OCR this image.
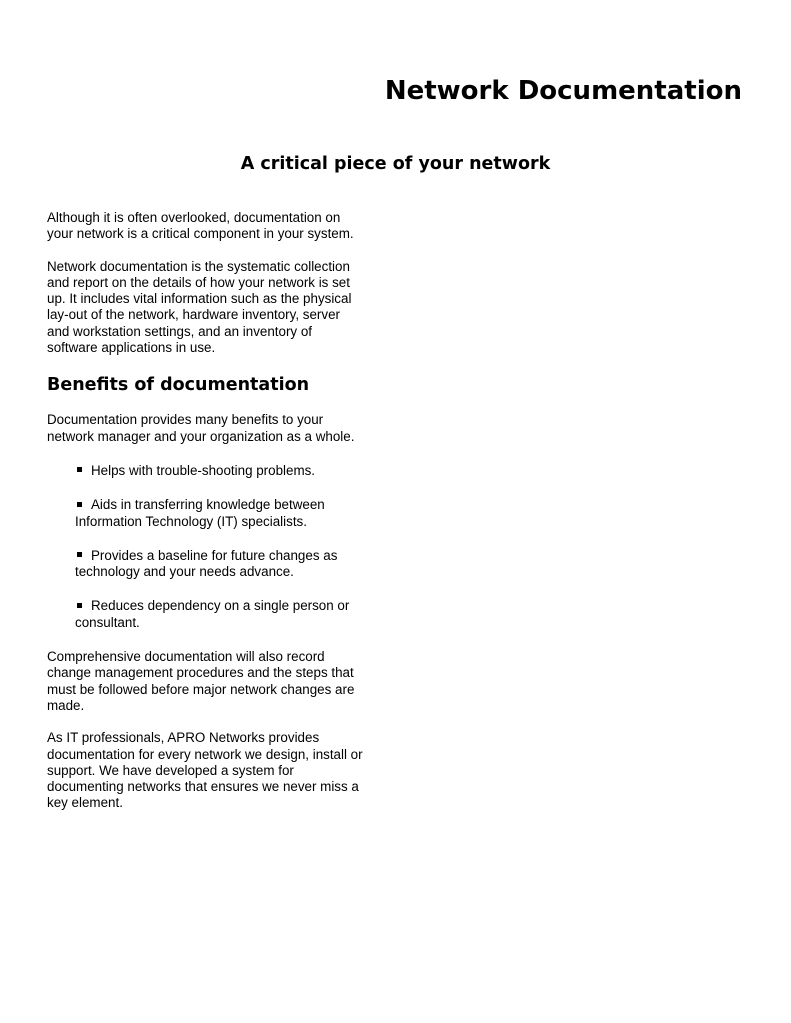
Network Documentation
A critical piece of your network

Although it is often overlooked, documentation on your network is a critical component in your system.

Network documentation is the systematic collection and report on the details of how your network is set up. It includes vital information such as the physical lay-out of the network, hardware inventory, server and workstation settings, and an inventory of software applications in use.

Benefits of documentation

Documentation provides many benefits to your network manager and your organization as a whole.

Helps with trouble-shooting problems.
Aids in transferring knowledge between Information Technology (IT) specialists.
Provides a baseline for future changes as technology and your needs advance.
Reduces dependency on a single person or consultant.

Comprehensive documentation will also record change management procedures and the steps that must be followed before major network changes are made.

As IT professionals, APRO Networks provides documentation for every network we design, install or support. We have developed a system for documenting networks that ensures we never miss a key element.
